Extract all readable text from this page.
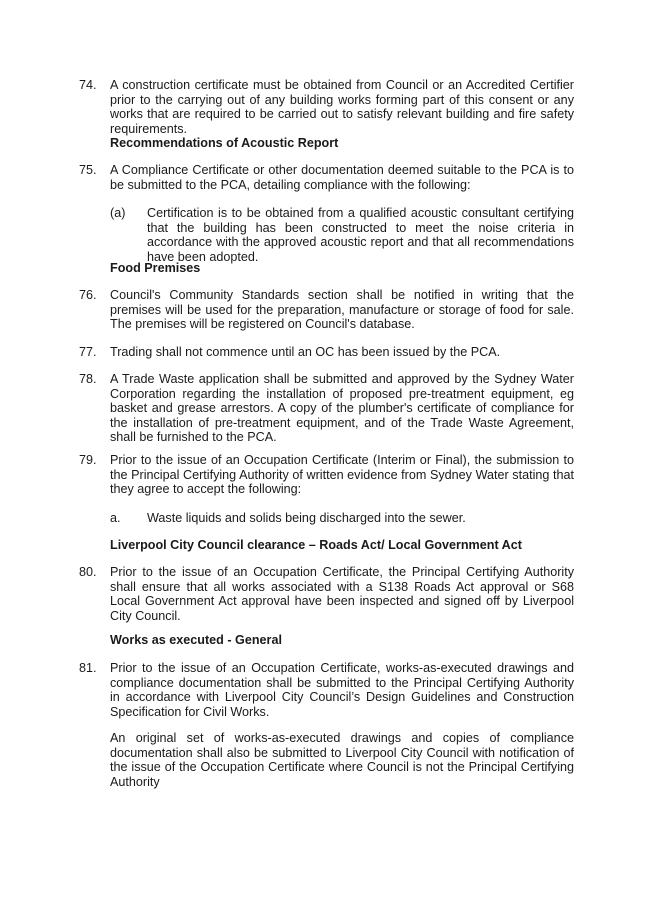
74. A construction certificate must be obtained from Council or an Accredited Certifier prior to the carrying out of any building works forming part of this consent or any works that are required to be carried out to satisfy relevant building and fire safety requirements.

Recommendations of Acoustic Report

75. A Compliance Certificate or other documentation deemed suitable to the PCA is to be submitted to the PCA, detailing compliance with the following:

(a) Certification is to be obtained from a qualified acoustic consultant certifying that the building has been constructed to meet the noise criteria in accordance with the approved acoustic report and that all recommendations have been adopted.

Food Premises

76. Council's Community Standards section shall be notified in writing that the premises will be used for the preparation, manufacture or storage of food for sale. The premises will be registered on Council's database.

77. Trading shall not commence until an OC has been issued by the PCA.

78. A Trade Waste application shall be submitted and approved by the Sydney Water Corporation regarding the installation of proposed pre-treatment equipment, eg basket and grease arrestors. A copy of the plumber's certificate of compliance for the installation of pre-treatment equipment, and of the Trade Waste Agreement, shall be furnished to the PCA.

79. Prior to the issue of an Occupation Certificate (Interim or Final), the submission to the Principal Certifying Authority of written evidence from Sydney Water stating that they agree to accept the following:

a. Waste liquids and solids being discharged into the sewer.

Liverpool City Council clearance – Roads Act/ Local Government Act

80. Prior to the issue of an Occupation Certificate, the Principal Certifying Authority shall ensure that all works associated with a S138 Roads Act approval or S68 Local Government Act approval have been inspected and signed off by Liverpool City Council.

Works as executed - General

81. Prior to the issue of an Occupation Certificate, works-as-executed drawings and compliance documentation shall be submitted to the Principal Certifying Authority in accordance with Liverpool City Council’s Design Guidelines and Construction Specification for Civil Works.

An original set of works-as-executed drawings and copies of compliance documentation shall also be submitted to Liverpool City Council with notification of the issue of the Occupation Certificate where Council is not the Principal Certifying Authority
